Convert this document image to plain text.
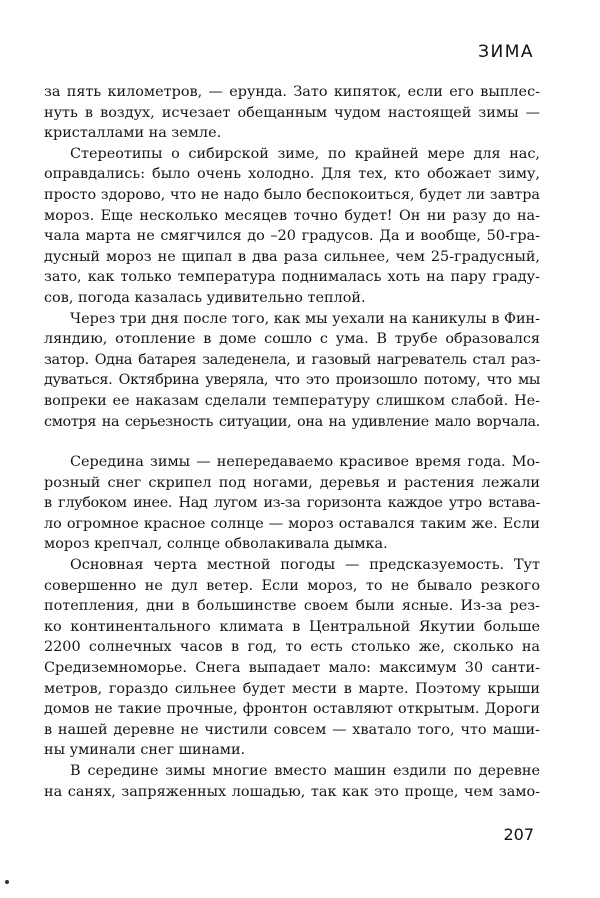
ЗИМА
за пять километров, — ерунда. Зато кипяток, если его выплес-
нуть в воздух, исчезает обещанным чудом настоящей зимы —
кристаллами на земле.
Стереотипы о сибирской зиме, по крайней мере для нас,
оправдались: было очень холодно. Для тех, кто обожает зиму,
просто здорово, что не надо было беспокоиться, будет ли завтра
мороз. Еще несколько месяцев точно будет! Он ни разу до на-
чала марта не смягчился до –20 градусов. Да и вообще, 50-гра-
дусный мороз не щипал в два раза сильнее, чем 25-градусный,
зато, как только температура поднималась хоть на пару граду-
сов, погода казалась удивительно теплой.
Через три дня после того, как мы уехали на каникулы в Фин-
ляндию, отопление в доме сошло с ума. В трубе образовался
затор. Одна батарея заледенела, и газовый нагреватель стал раз-
дуваться. Октябрина уверяла, что это произошло потому, что мы
вопреки ее наказам сделали температуру слишком слабой. Не-
смотря на серьезность ситуации, она на удивление мало ворчала.
Середина зимы — непередаваемо красивое время года. Мо-
розный снег скрипел под ногами, деревья и растения лежали
в глубоком инее. Над лугом из-за горизонта каждое утро встава-
ло огромное красное солнце — мороз оставался таким же. Если
мороз крепчал, солнце обволакивала дымка.
Основная черта местной погоды — предсказуемость. Тут
совершенно не дул ветер. Если мороз, то не бывало резкого
потепления, дни в большинстве своем были ясные. Из-за рез-
ко континентального климата в Центральной Якутии больше
2200 солнечных часов в год, то есть столько же, сколько на
Средиземноморье. Снега выпадает мало: максимум 30 санти-
метров, гораздо сильнее будет мести в марте. Поэтому крыши
домов не такие прочные, фронтон оставляют открытым. Дороги
в нашей деревне не чистили совсем — хватало того, что маши-
ны уминали снег шинами.
В середине зимы многие вместо машин ездили по деревне
на санях, запряженных лошадью, так как это проще, чем замо-
207
